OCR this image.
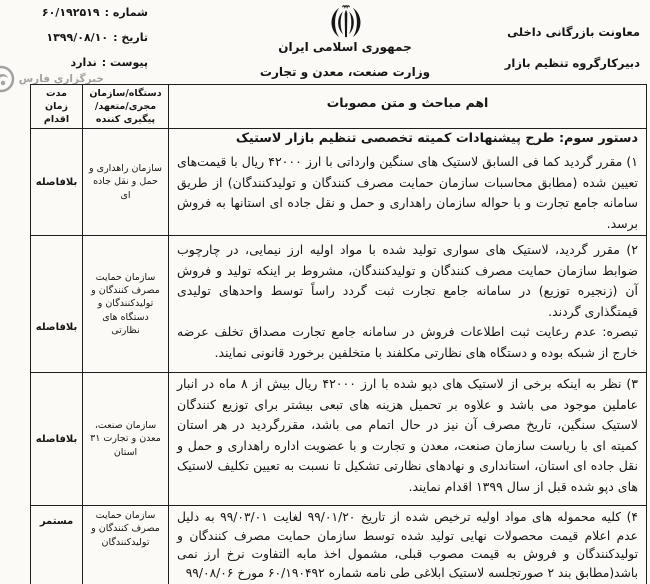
شماره :
۶۰/۱۹۲۵۱۹
تاریخ :
۱۳۹۹/۰۸/۱۰
پیوست :
ندارد
جمهوری اسلامی ایران
وزارت صنعت، معدن و تجارت
معاونت بازرگانی داخلی
دبیرکارگروه تنظیم بازار
خبرگزاری فارس
اهم مباحث و متن مصوبات
دستگاه/سازمان
مجری/متعهد/
پیگیری کننده
مدت
زمان
اقدام
دستور سوم: طرح پیشنهادات کمیته تخصصی تنظیم بازار لاستیک

۱) مقرر گردید کما فی السابق لاستیک های سنگین وارداتی با ارز ۴۲۰۰۰ ریال با قیمت‌های تعیین شده (مطابق محاسبات سازمان حمایت مصرف کنندگان و تولیدکنندگان) از طریق سامانه جامع تجارت و با حواله سازمان راهداری و حمل و نقل جاده ای استانها به فروش برسد.

سازمان راهداری و حمل و نقل جاده ای
بلافاصله

۲) مقرر گردید، لاستیک های سواری تولید شده با مواد اولیه ارز نیمایی، در چارچوب ضوابط سازمان حمایت مصرف کنندگان و تولیدکنندگان، مشروط بر اینکه تولید و فروش آن (زنجیره توزیع) در سامانه جامع تجارت ثبت گردد راساً توسط واحدهای تولیدی قیمتگذاری گردند.

تبصره: عدم رعایت ثبت اطلاعات فروش در سامانه جامع تجارت مصداق تخلف عرضه خارج از شبکه بوده و دستگاه های نظارتی مکلفند با متخلفین برخورد قانونی نمایند.

سازمان حمایت مصرف کنندگان و تولیدکنندگان و دستگاه های نظارتی
بلافاصله

۳) نظر به اینکه برخی از لاستیک های دپو شده با ارز ۴۲۰۰۰ ریال بیش از ۸ ماه در انبار عاملین موجود می باشد و علاوه بر تحمیل هزینه های تبعی بیشتر برای توزیع کنندگان لاستیک سنگین، تاریخ مصرف آن نیز در حال اتمام می باشد، مقررگردید در هر استان کمیته ای با ریاست سازمان صنعت، معدن و تجارت و با عضویت اداره راهداری و حمل و نقل جاده ای استان، استانداری و نهادهای نظارتی تشکیل تا نسبت به تعیین تکلیف لاستیک های دپو شده قبل از سال ۱۳۹۹ اقدام نمایند.

سازمان صنعت، معدن و تجارت ۳۱ استان
بلافاصله

۴) کلیه محموله های مواد اولیه ترخیص شده از تاریخ ۹۹/۰۱/۲۰ لغایت ۹۹/۰۳/۰۱ به دلیل عدم اعلام قیمت محصولات نهایی تولید شده توسط سازمان حمایت مصرف کنندگان و تولیدکنندگان و فروش به قیمت مصوب قبلی، مشمول اخذ مابه التفاوت نرخ ارز نمی باشد(مطابق بند ۲ صورتجلسه لاستیک ابلاغی طی نامه شماره ۶۰/۱۹۰۴۹۲ مورخ ۹۹/۰۸/۰۶

سازمان حمایت مصرف کنندگان و تولیدکنندگان
مستمر
